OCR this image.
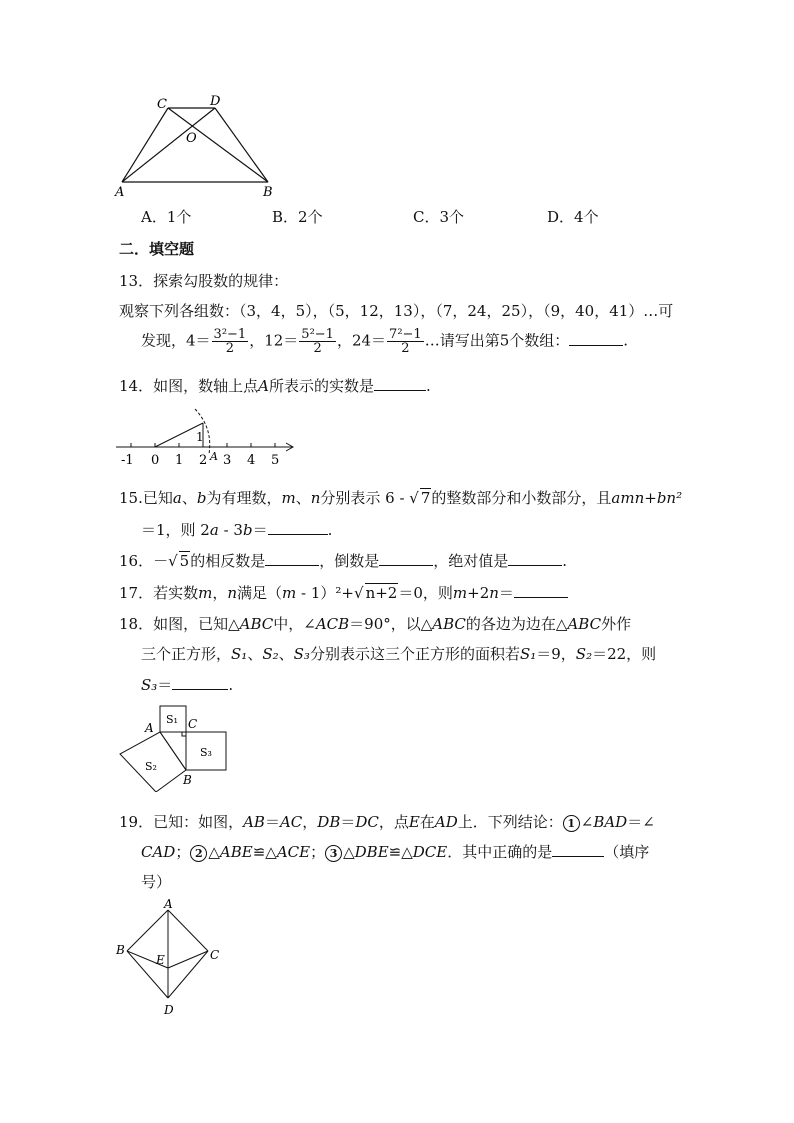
C	D
O
A	B
A．1个	B．2个	C．3个	D．4个
二．填空题
13．探索勾股数的规律：
观察下列各组数：（3，4，5），（5，12，13），（7，24，25），（9，40，41）…可
发现，$4= \frac{\text{3²−1}}{2}$ ，$12= \frac{\text{5²−1}}{2}$ ，$24= \frac{\text{7²−1}}{2}$ …请写出第5个数组：	.
14．如图，数轴上点A所表示的实数是	.
1
A
-1 0 1 2 3 4 5
15.已知a、b为有理数，m、n分别表示 6 - √ 7的整数部分和小数部分，且amn+bn²
＝1，则 2a - 3b＝	.
16．－√ 5的相反数是	，倒数是	，绝对值是	.
17．若实数m，n满足（m - 1）²+√ n+2＝0，则m+2n＝
18．如图，已知△ABC中，∠ACB＝90°，以△ABC的各边为边在△ABC外作
三个正方形，S₁、S₂、S₃分别表示这三个正方形的面积若S₁＝9，S₂＝22，则
S₃＝	.
S₁
S₃
S₂
A	C
B
19．已知：如图，AB＝AC，DB＝DC，点E在AD上．下列结论： 1 ∠BAD＝∠
CAD； 2 △ABE≌△ACE； 3 △DBE≌△DCE．其中正确的是	（填序
号）
A
B	C
E
D
